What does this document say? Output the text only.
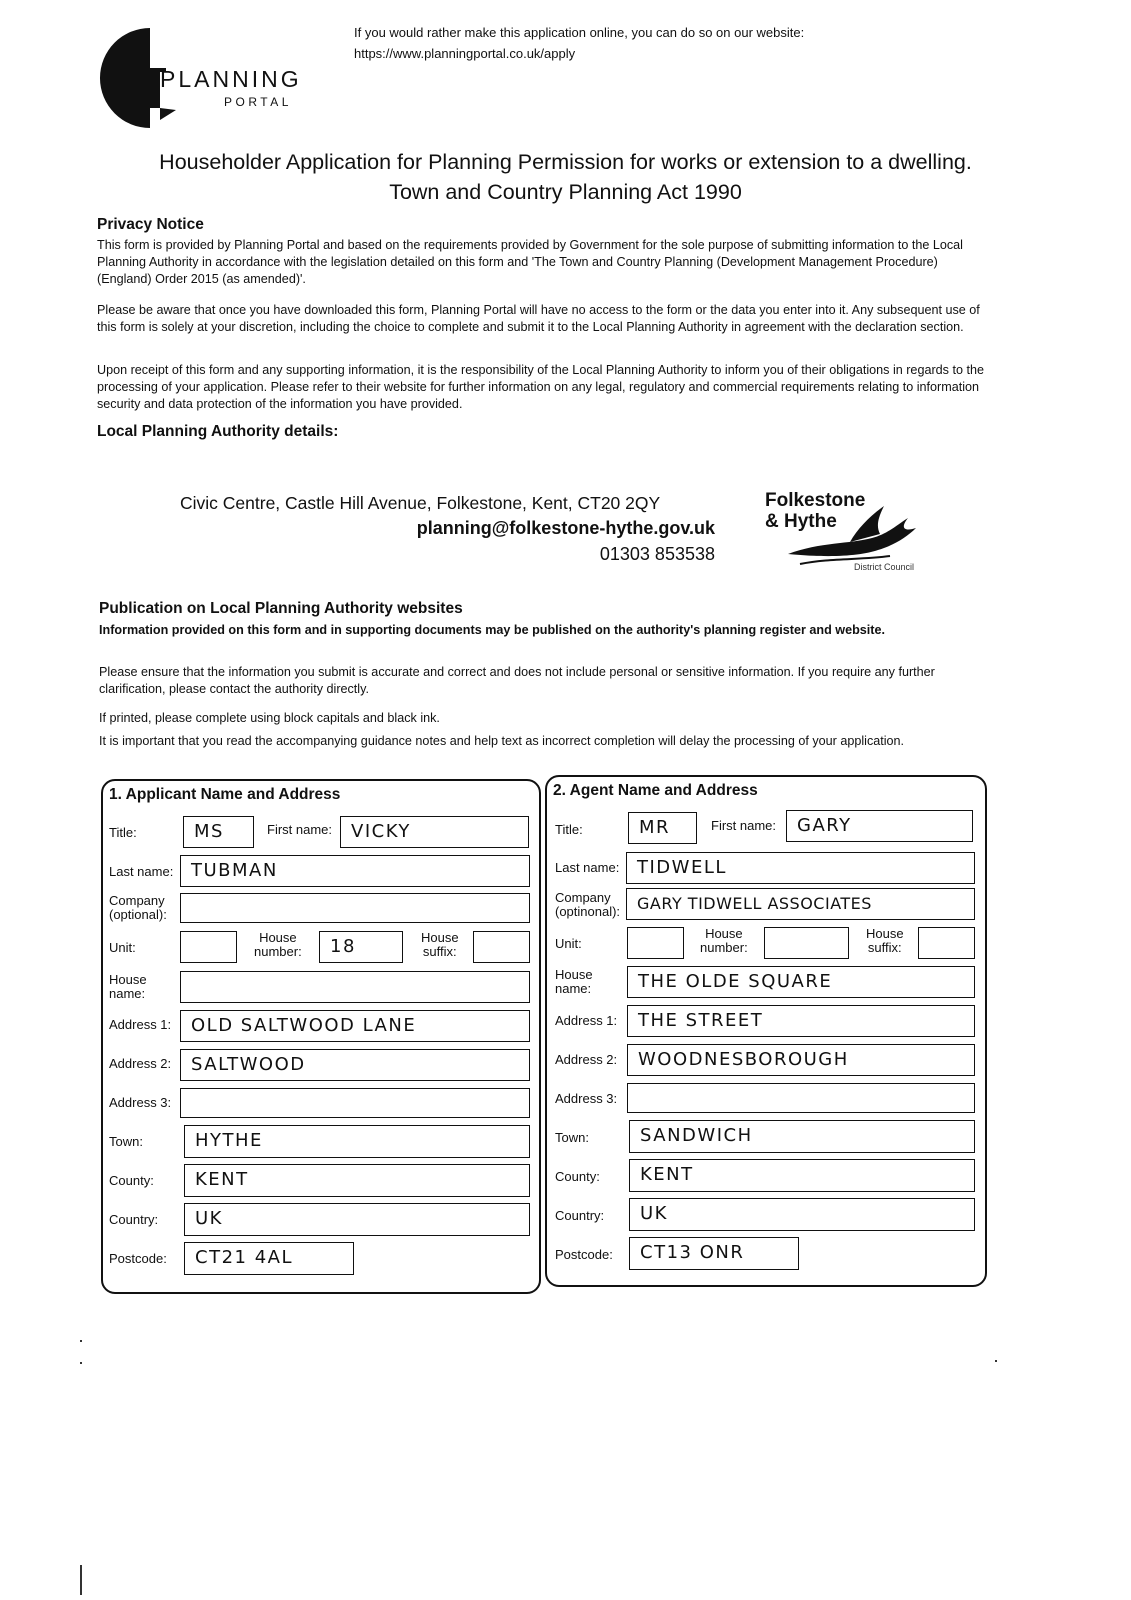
PLANNING
PORTAL
If you would rather make this application online, you can do so on our website:
https://www.planningportal.co.uk/apply
Householder Application for Planning Permission for works or extension to a dwelling.
Town and Country Planning Act 1990
Privacy Notice
This form is provided by Planning Portal and based on the requirements provided by Government for the sole purpose of submitting information to the Local Planning Authority in accordance with the legislation detailed on this form and 'The Town and Country Planning (Development Management Procedure) (England) Order 2015 (as amended)'.
Please be aware that once you have downloaded this form, Planning Portal will have no access to the form or the data you enter into it. Any subsequent use of this form is solely at your discretion, including the choice to complete and submit it to the Local Planning Authority in agreement with the declaration section.
Upon receipt of this form and any supporting information, it is the responsibility of the Local Planning Authority to inform you of their obligations in regards to the processing of your application. Please refer to their website for further information on any legal, regulatory and commercial requirements relating to information security and data protection of the information you have provided.
Local Planning Authority details:
Civic Centre, Castle Hill Avenue, Folkestone, Kent, CT20 2QY
planning@folkestone-hythe.gov.uk
01303 853538
Folkestone
& Hythe
District Council
Publication on Local Planning Authority websites
Information provided on this form and in supporting documents may be published on the authority's planning register and website.
Please ensure that the information you submit is accurate and correct and does not include personal or sensitive information. If you require any further clarification, please contact the authority directly.
If printed, please complete using block capitals and black ink.
It is important that you read the accompanying guidance notes and help text as incorrect completion will delay the processing of your application.
1. Applicant Name and Address
Title:	MS	First name:	VICKY
Last name: TUBMAN
Company
(optional):
Unit:
House
number:	18	House
suffix:
House
name:
Address 1:	OLD SALTWOOD LANE
Address 2:	SALTWOOD
Address 3:
Town:	HYTHE
County:	KENT
Country:	UK
Postcode:	CT21 4AL
2. Agent Name and Address
Title:	MR	First name:	GARY
Last name: TIDWELL
Company
(optinonal):	GARY TIDWELL ASSOCIATES
Unit:
House
number:
House
suffix:
House
name:	THE OLDE SQUARE
Address 1:	THE STREET
Address 2:	WOODNESBOROUGH
Address 3:
Town:	SANDWICH
County:	KENT
Country:	UK
Postcode:	CT13 ONR
